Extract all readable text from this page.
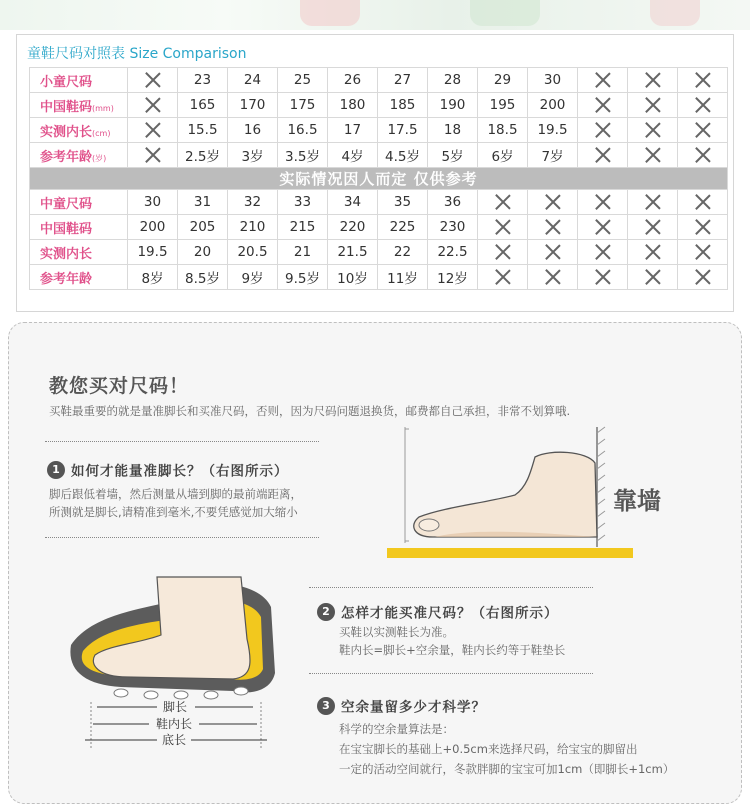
童鞋尺码对照表 Size Comparison
小童尺码		23	24	25	26	27	28	29	30			
中国鞋码(mm)		165	170	175	180	185	190	195	200			
实测内长(cm)		15.5	16	16.5	17	17.5	18	18.5	19.5			
参考年龄(岁)		2.5岁	3岁	3.5岁	4岁	4.5岁	5岁	6岁	7岁			
实际情况因人而定 仅供参考												
中童尺码	30	31	32	33	34	35	36					
中国鞋码	200	205	210	215	220	225	230					
实测内长	19.5	20	20.5	21	21.5	22	22.5					
参考年龄	8岁	8.5岁	9岁	9.5岁	10岁	11岁	12岁					
教您买对尺码！
买鞋最重要的就是量准脚长和买准尺码，否则，因为尺码问题退换货，邮费都自己承担，非常不划算哦.
1 如何才能量准脚长？（右图所示）
脚后跟低着墙，然后测量从墙到脚的最前端距离，
所测就是脚长,请精准到毫米,不要凭感觉加大缩小	靠墙
脚长
鞋内长
底长
2 怎样才能买准尺码？（右图所示）
买鞋以实测鞋长为准。
鞋内长=脚长+空余量，鞋内长约等于鞋垫长
3 空余量留多少才科学？
科学的空余量算法是：
在宝宝脚长的基础上+0.5cm来选择尺码，给宝宝的脚留出
一定的活动空间就行，冬款胖脚的宝宝可加1cm（即脚长+1cm）
